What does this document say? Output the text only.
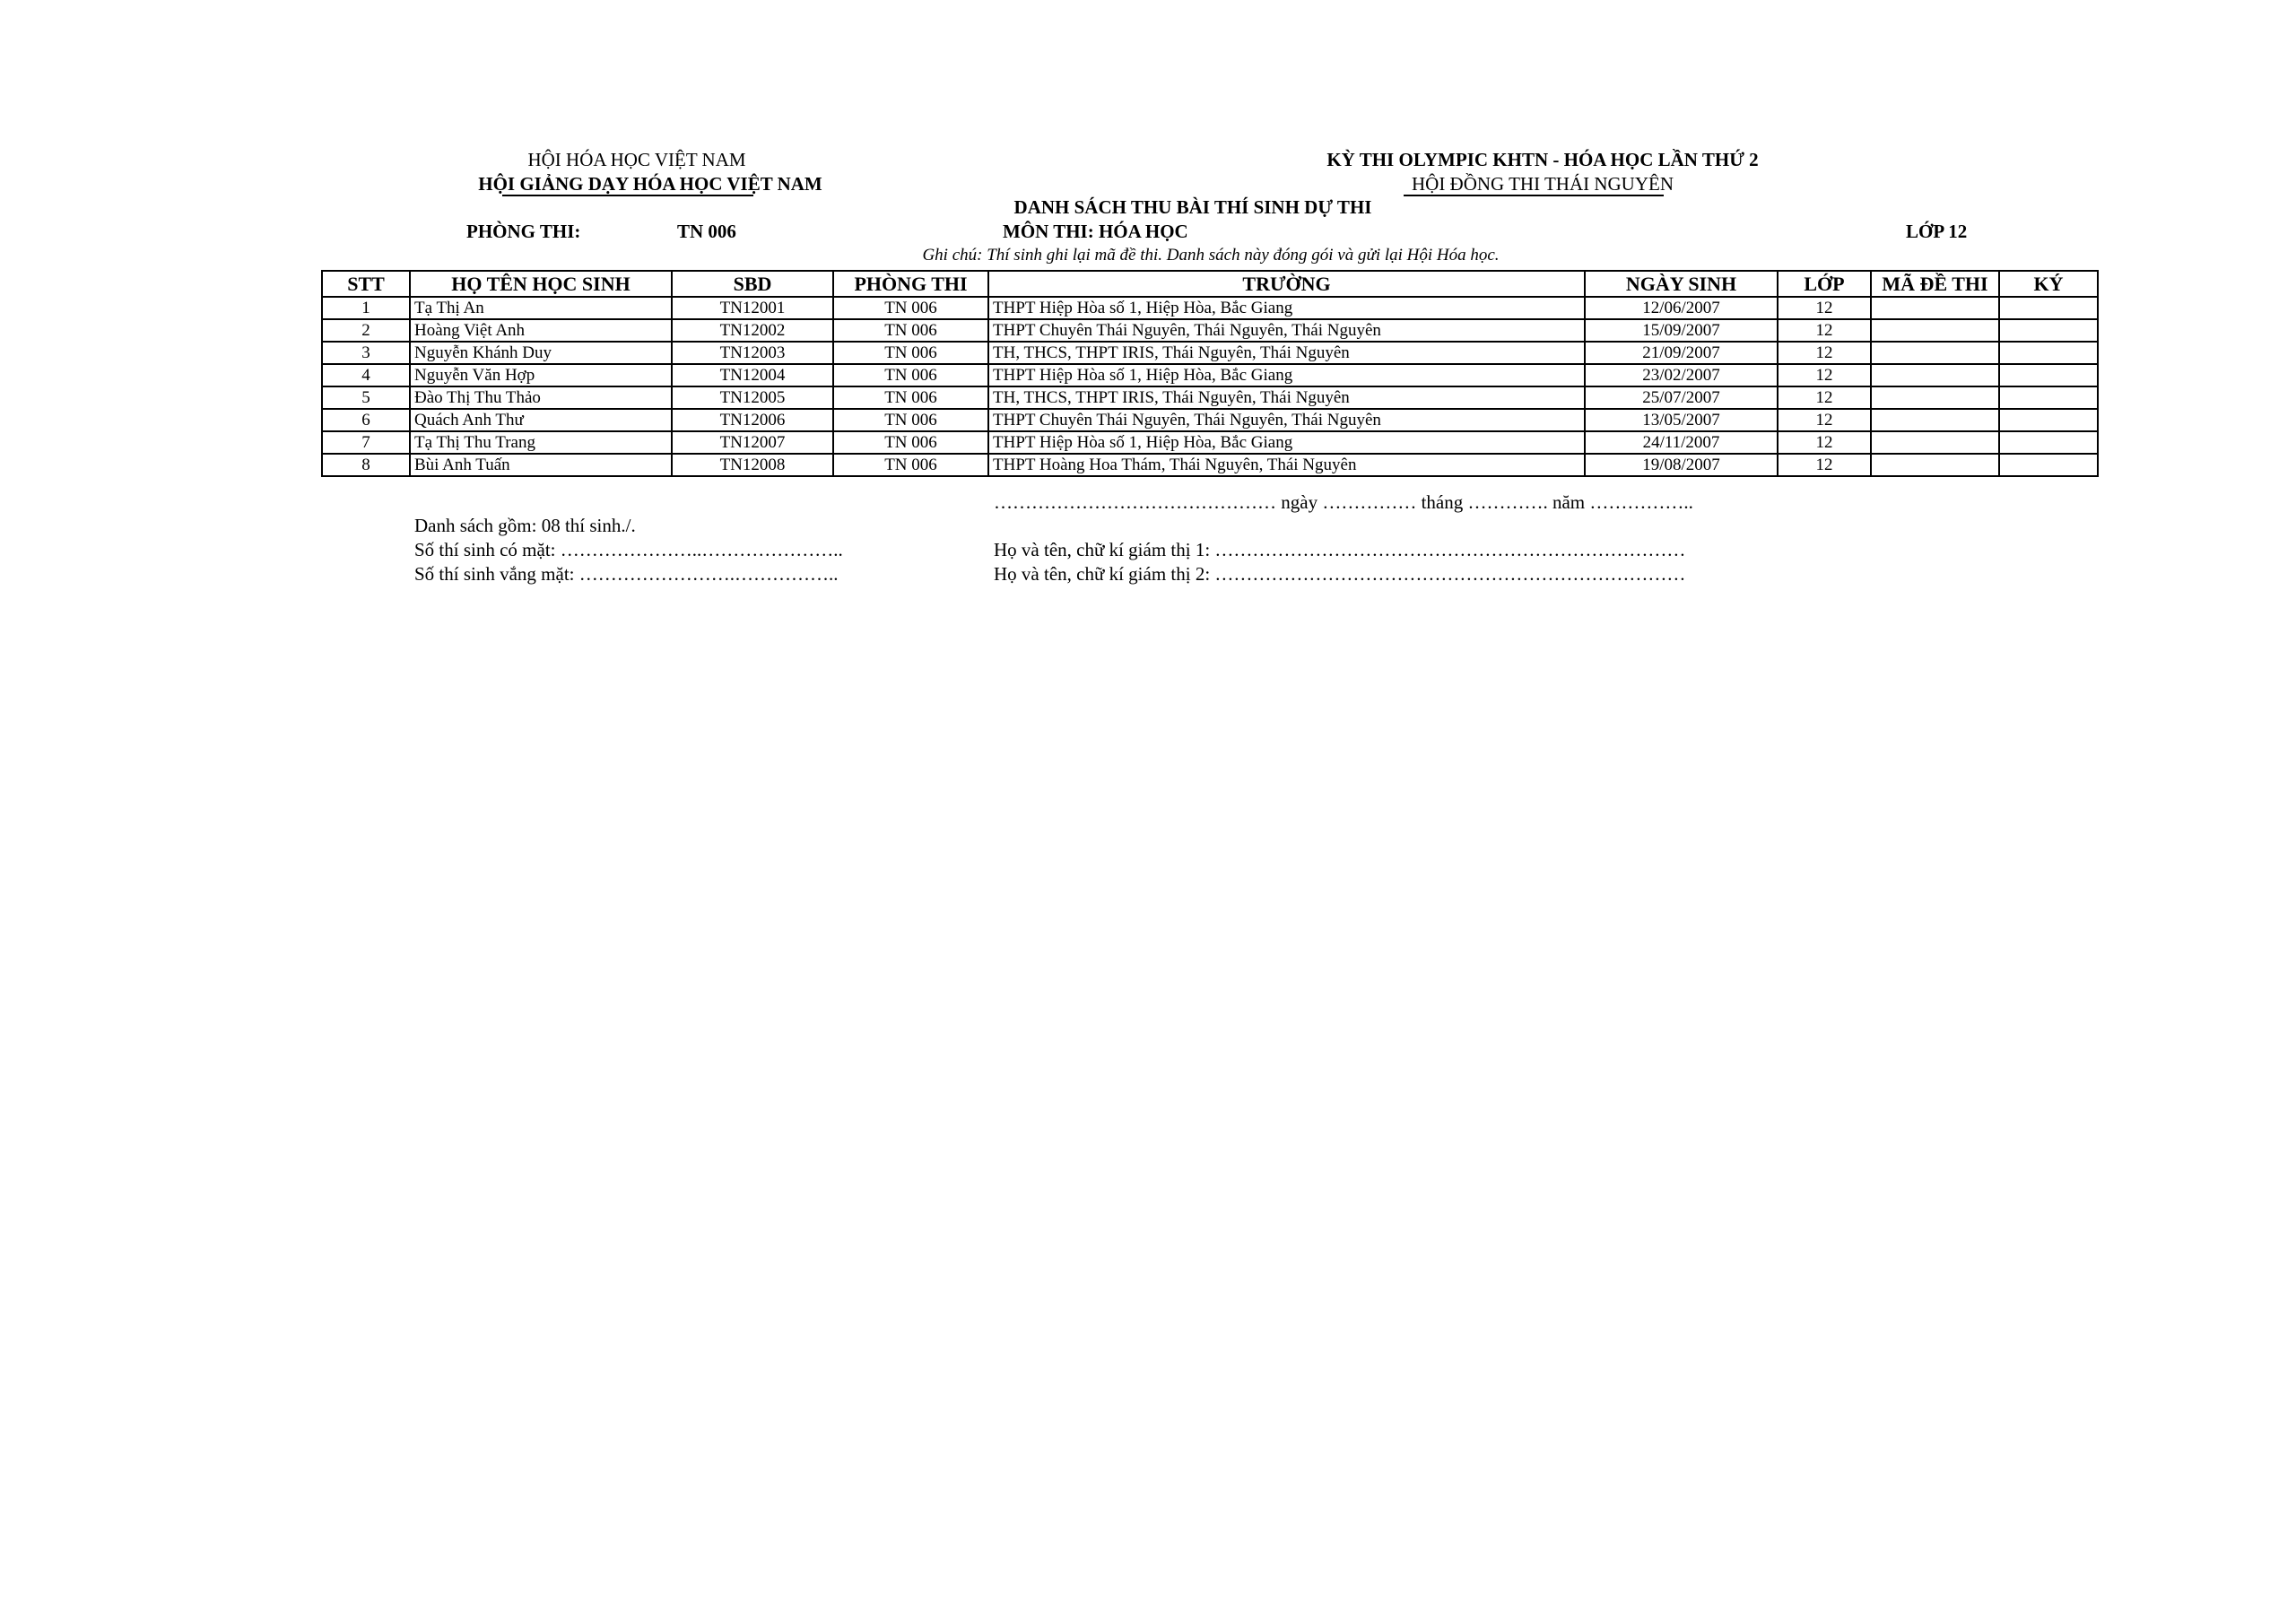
HỘI HÓA HỌC VIỆT NAM
HỘI GIẢNG DẠY HÓA HỌC VIỆT NAM
KỲ THI OLYMPIC KHTN - HÓA HỌC LẦN THỨ 2
HỘI ĐỒNG THI THÁI NGUYÊN
DANH SÁCH THU BÀI THÍ SINH DỰ THI
PHÒNG THI:	TN 006	MÔN THI: HÓA HỌC	LỚP 12
Ghi chú: Thí sinh ghi lại mã đề thi. Danh sách này đóng gói và gửi lại Hội Hóa học.
STT	HỌ TÊN HỌC SINH	SBD	PHÒNG THI	TRƯỜNG	NGÀY SINH	LỚP	MÃ ĐỀ THI	KÝ
1	Tạ Thị An	TN12001	TN 006	THPT Hiệp Hòa số 1, Hiệp Hòa, Bắc Giang	12/06/2007	12		
2	Hoàng Việt Anh	TN12002	TN 006	THPT Chuyên Thái Nguyên, Thái Nguyên, Thái Nguyên	15/09/2007	12		
3	Nguyễn Khánh Duy	TN12003	TN 006	TH, THCS, THPT IRIS, Thái Nguyên, Thái Nguyên	21/09/2007	12		
4	Nguyễn Văn Hợp	TN12004	TN 006	THPT Hiệp Hòa số 1, Hiệp Hòa, Bắc Giang	23/02/2007	12		
5	Đào Thị Thu Thảo	TN12005	TN 006	TH, THCS, THPT IRIS, Thái Nguyên, Thái Nguyên	25/07/2007	12		
6	Quách Anh Thư	TN12006	TN 006	THPT Chuyên Thái Nguyên, Thái Nguyên, Thái Nguyên	13/05/2007	12		
7	Tạ Thị Thu Trang	TN12007	TN 006	THPT Hiệp Hòa số 1, Hiệp Hòa, Bắc Giang	24/11/2007	12		
8	Bùi Anh Tuấn	TN12008	TN 006	THPT Hoàng Hoa Thám, Thái Nguyên, Thái Nguyên	19/08/2007	12		
……………………………………… ngày …………… tháng …………. năm ……………..
Danh sách gồm: 08 thí sinh./.
Số thí sinh có mặt: …………………..…………………..
Số thí sinh vắng mặt: …………………….……………..
Họ và tên, chữ kí giám thị 1: …………………………………………………………………
Họ và tên, chữ kí giám thị 2: …………………………………………………………………
